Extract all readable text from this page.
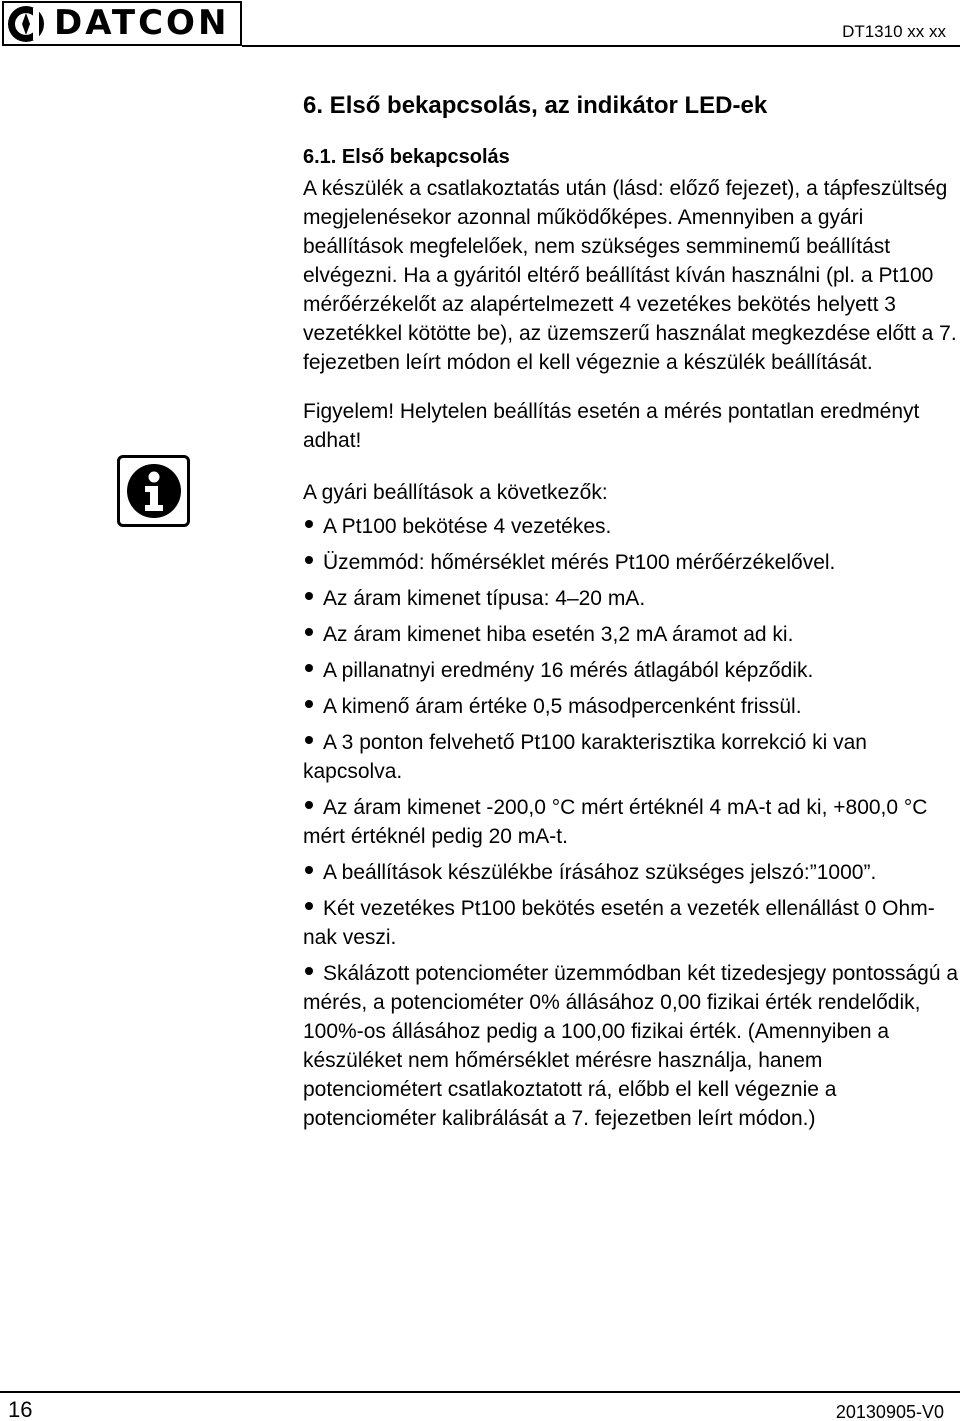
DATCON	DT1310 xx xx
6. Első bekapcsolás, az indikátor LED-ek
6.1. Első bekapcsolás

A készülék a csatlakoztatás után (lásd: előző fejezet), a tápfeszültség megjelenésekor azonnal működőképes. Amennyiben a gyári beállítások megfelelőek, nem szükséges semminemű beállítást elvégezni. Ha a gyáritól eltérő beállítást kíván használni (pl. a Pt100 mérőérzékelőt az alapértelmezett 4 vezetékes bekötés helyett 3 vezetékkel kötötte be), az üzemszerű használat megkezdése előtt a 7. fejezetben leírt módon el kell végeznie a készülék beállítását.

Figyelem! Helytelen beállítás esetén a mérés pontatlan eredményt adhat!

A gyári beállítások a következők:

A Pt100 bekötése 4 vezetékes.
Üzemmód: hőmérséklet mérés Pt100 mérőérzékelővel.
Az áram kimenet típusa: 4–20 mA.
Az áram kimenet hiba esetén 3,2 mA áramot ad ki.
A pillanatnyi eredmény 16 mérés átlagából képződik.
A kimenő áram értéke 0,5 másodpercenként frissül.
A 3 ponton felvehető Pt100 karakterisztika korrekció ki van kapcsolva.
Az áram kimenet -200,0 °C mért értéknél 4 mA-t ad ki, +800,0 °C mért értéknél pedig 20 mA-t.
A beállítások készülékbe írásához szükséges jelszó:”1000”.
Két vezetékes Pt100 bekötés esetén a vezeték ellenállást 0 Ohm-nak veszi.
Skálázott potenciométer üzemmódban két tizedesjegy pontosságú a mérés, a potenciométer 0% állásához 0,00 fizikai érték rendelődik, 100%-os állásához pedig a 100,00 fizikai érték. (Amennyiben a készüléket nem hőmérséklet mérésre használja, hanem potenciométert csatlakoztatott rá, előbb el kell végeznie a potenciométer kalibrálását a 7. fejezetben leírt módon.)
16	20130905-V0
